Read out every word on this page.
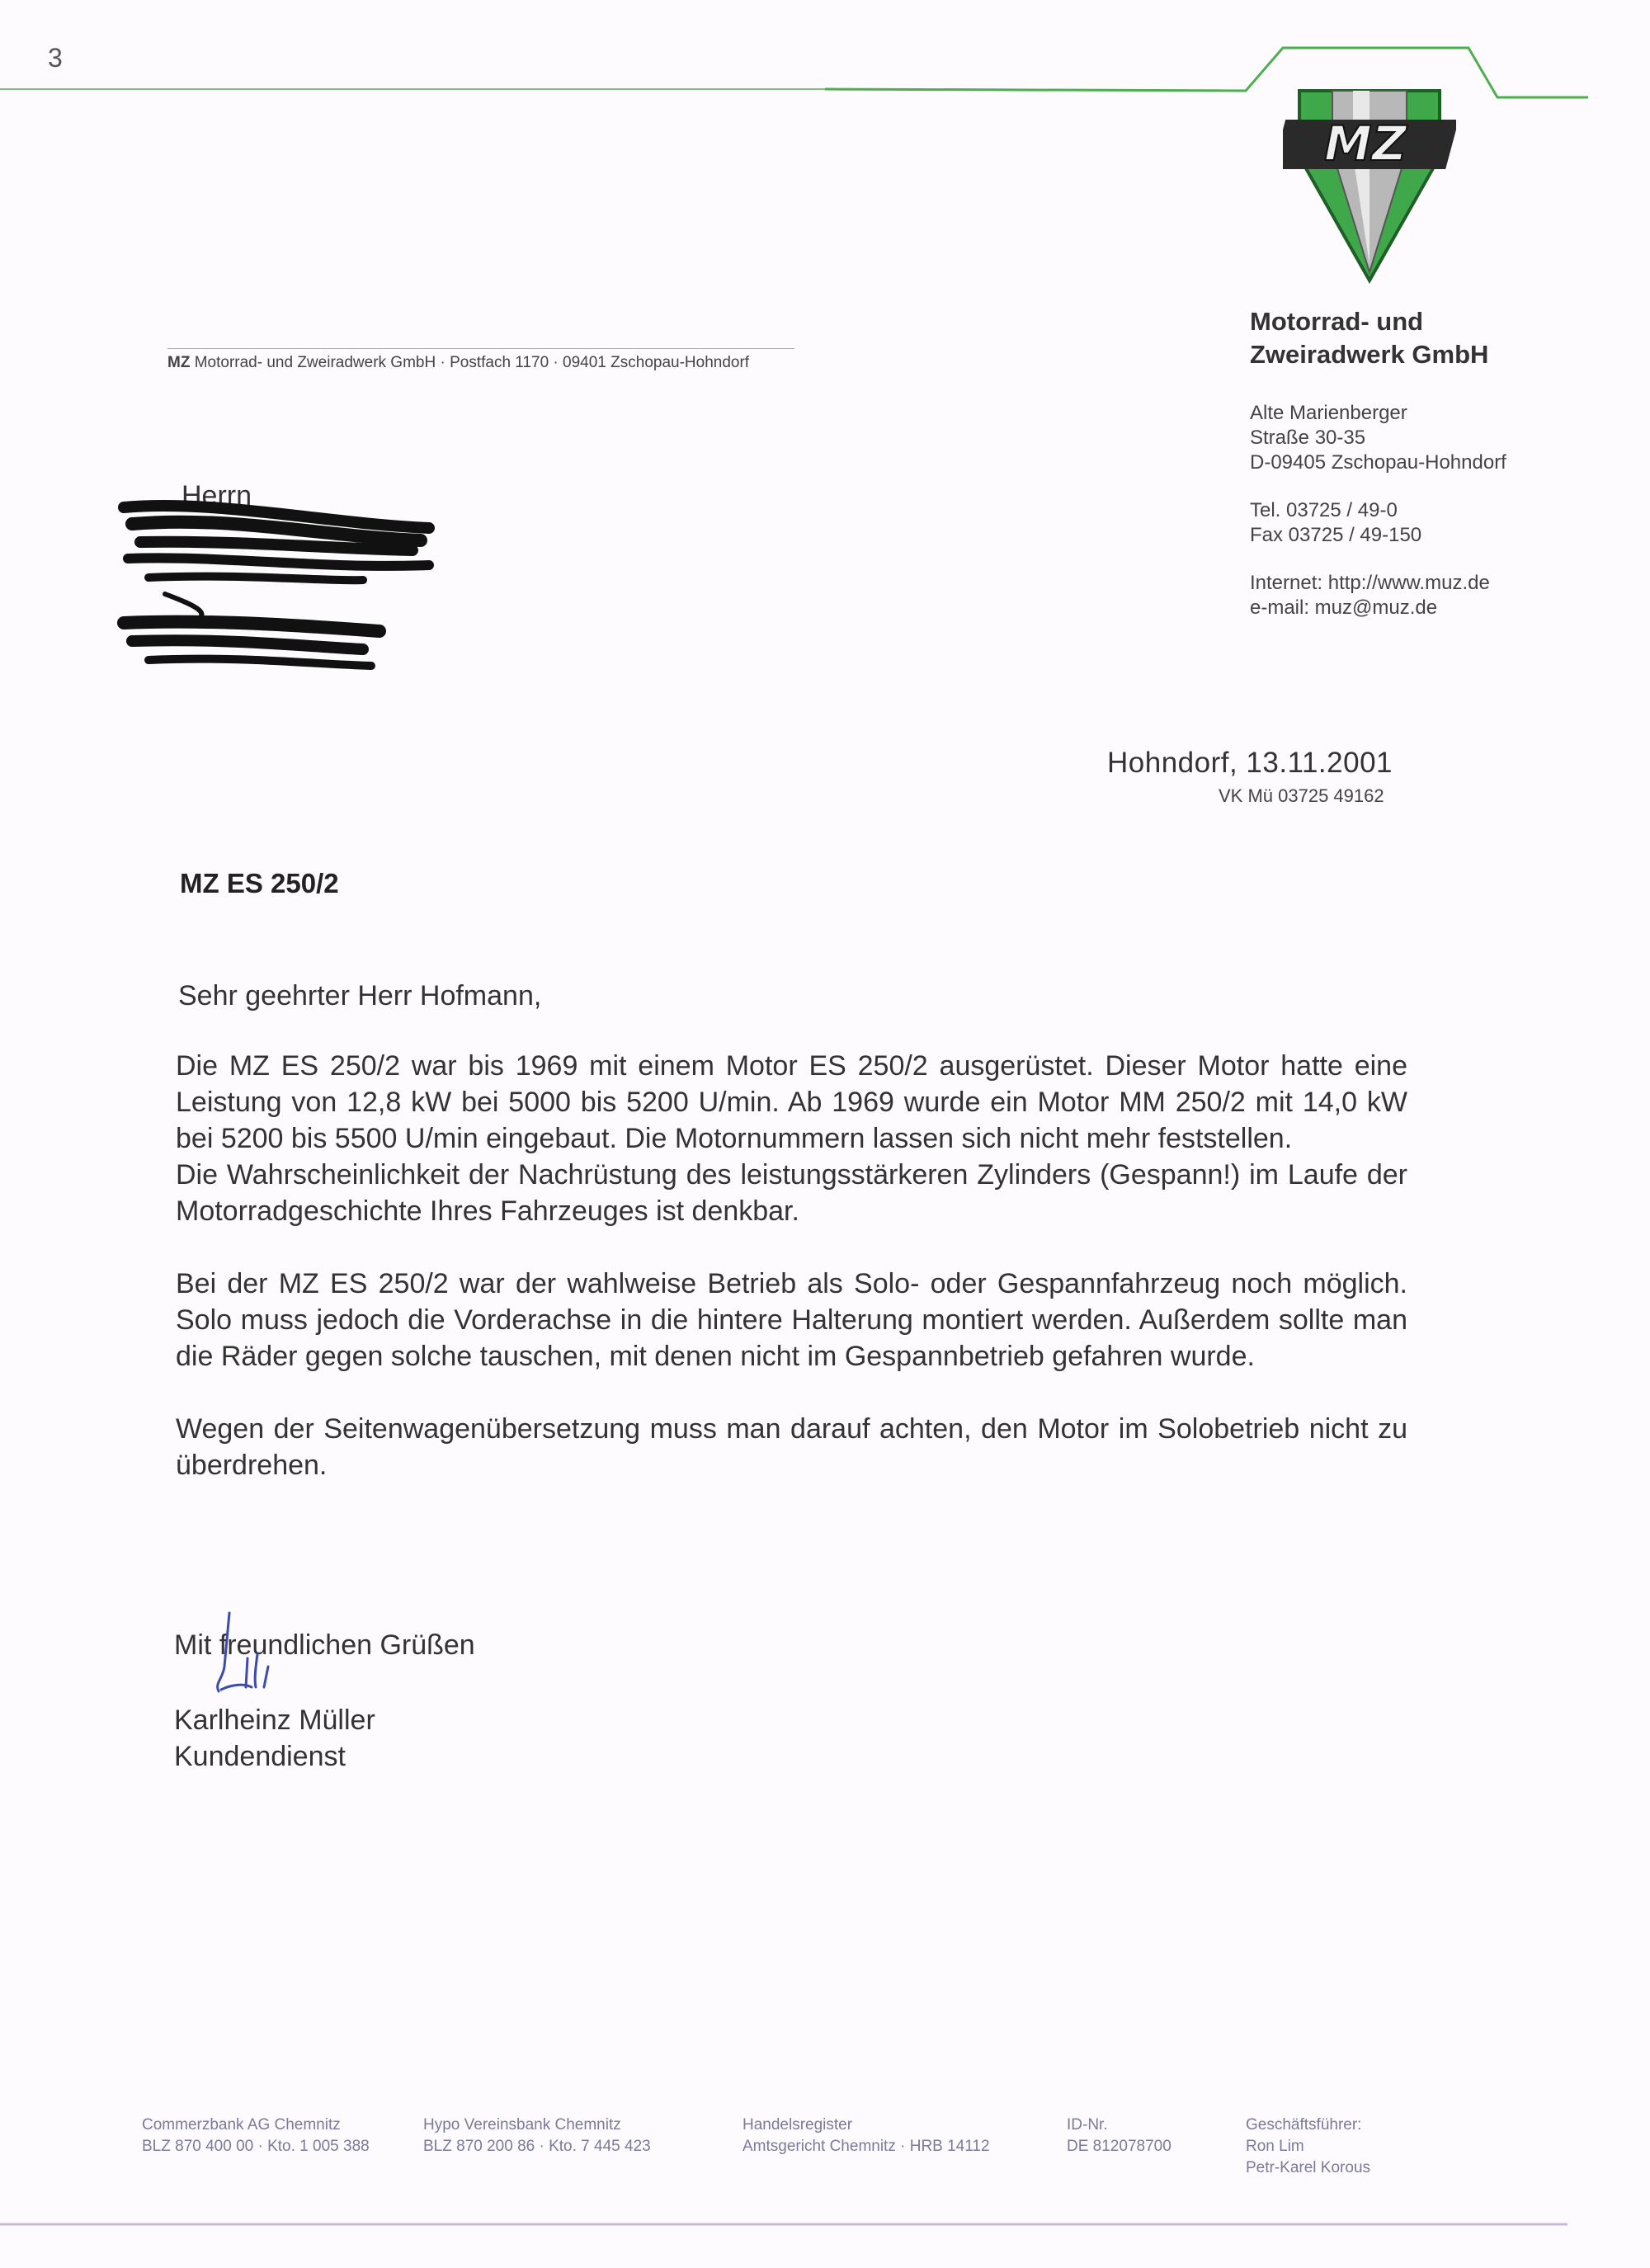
3
MZ
Motorrad- und
Zweiradwerk GmbH
Alte Marienberger
Straße 30-35
D-09405 Zschopau-Hohndorf
Tel. 03725 / 49-0
Fax 03725 / 49-150
Internet: http://www.muz.de
e-mail: muz@muz.de
MZ Motorrad- und Zweiradwerk GmbH · Postfach 1170 · 09401 Zschopau-Hohndorf
Herrn
Hohndorf, 13.11.2001
VK Mü 03725 49162
MZ ES 250/2
Sehr geehrter Herr Hofmann,

Die MZ ES 250/2 war bis 1969 mit einem Motor ES 250/2 ausgerüstet. Dieser Motor hatte eine Leistung von 12,8 kW bei 5000 bis 5200 U/min. Ab 1969 wurde ein Motor MM 250/2 mit 14,0 kW bei 5200 bis 5500 U/min eingebaut. Die Motornummern lassen sich nicht mehr feststellen.

Die Wahrscheinlichkeit der Nachrüstung des leistungsstärkeren Zylinders (Gespann!) im Laufe der Motorradgeschichte Ihres Fahrzeuges ist denkbar.

Bei der MZ ES 250/2 war der wahlweise Betrieb als Solo- oder Gespannfahrzeug noch möglich. Solo muss jedoch die Vorderachse in die hintere Halterung montiert werden. Außerdem sollte man die Räder gegen solche tauschen, mit denen nicht im Gespannbetrieb gefahren wurde.

Wegen der Seitenwagenübersetzung muss man darauf achten, den Motor im Solobetrieb nicht zu überdrehen.

Mit freundlichen Grüßen
Karlheinz Müller
Kundendienst
Commerzbank AG Chemnitz
BLZ 870 400 00 · Kto. 1 005 388
Hypo Vereinsbank Chemnitz
BLZ 870 200 86 · Kto. 7 445 423
Handelsregister
Amtsgericht Chemnitz · HRB 14112
ID-Nr.
DE 812078700
Geschäftsführer:
Ron Lim
Petr-Karel Korous
